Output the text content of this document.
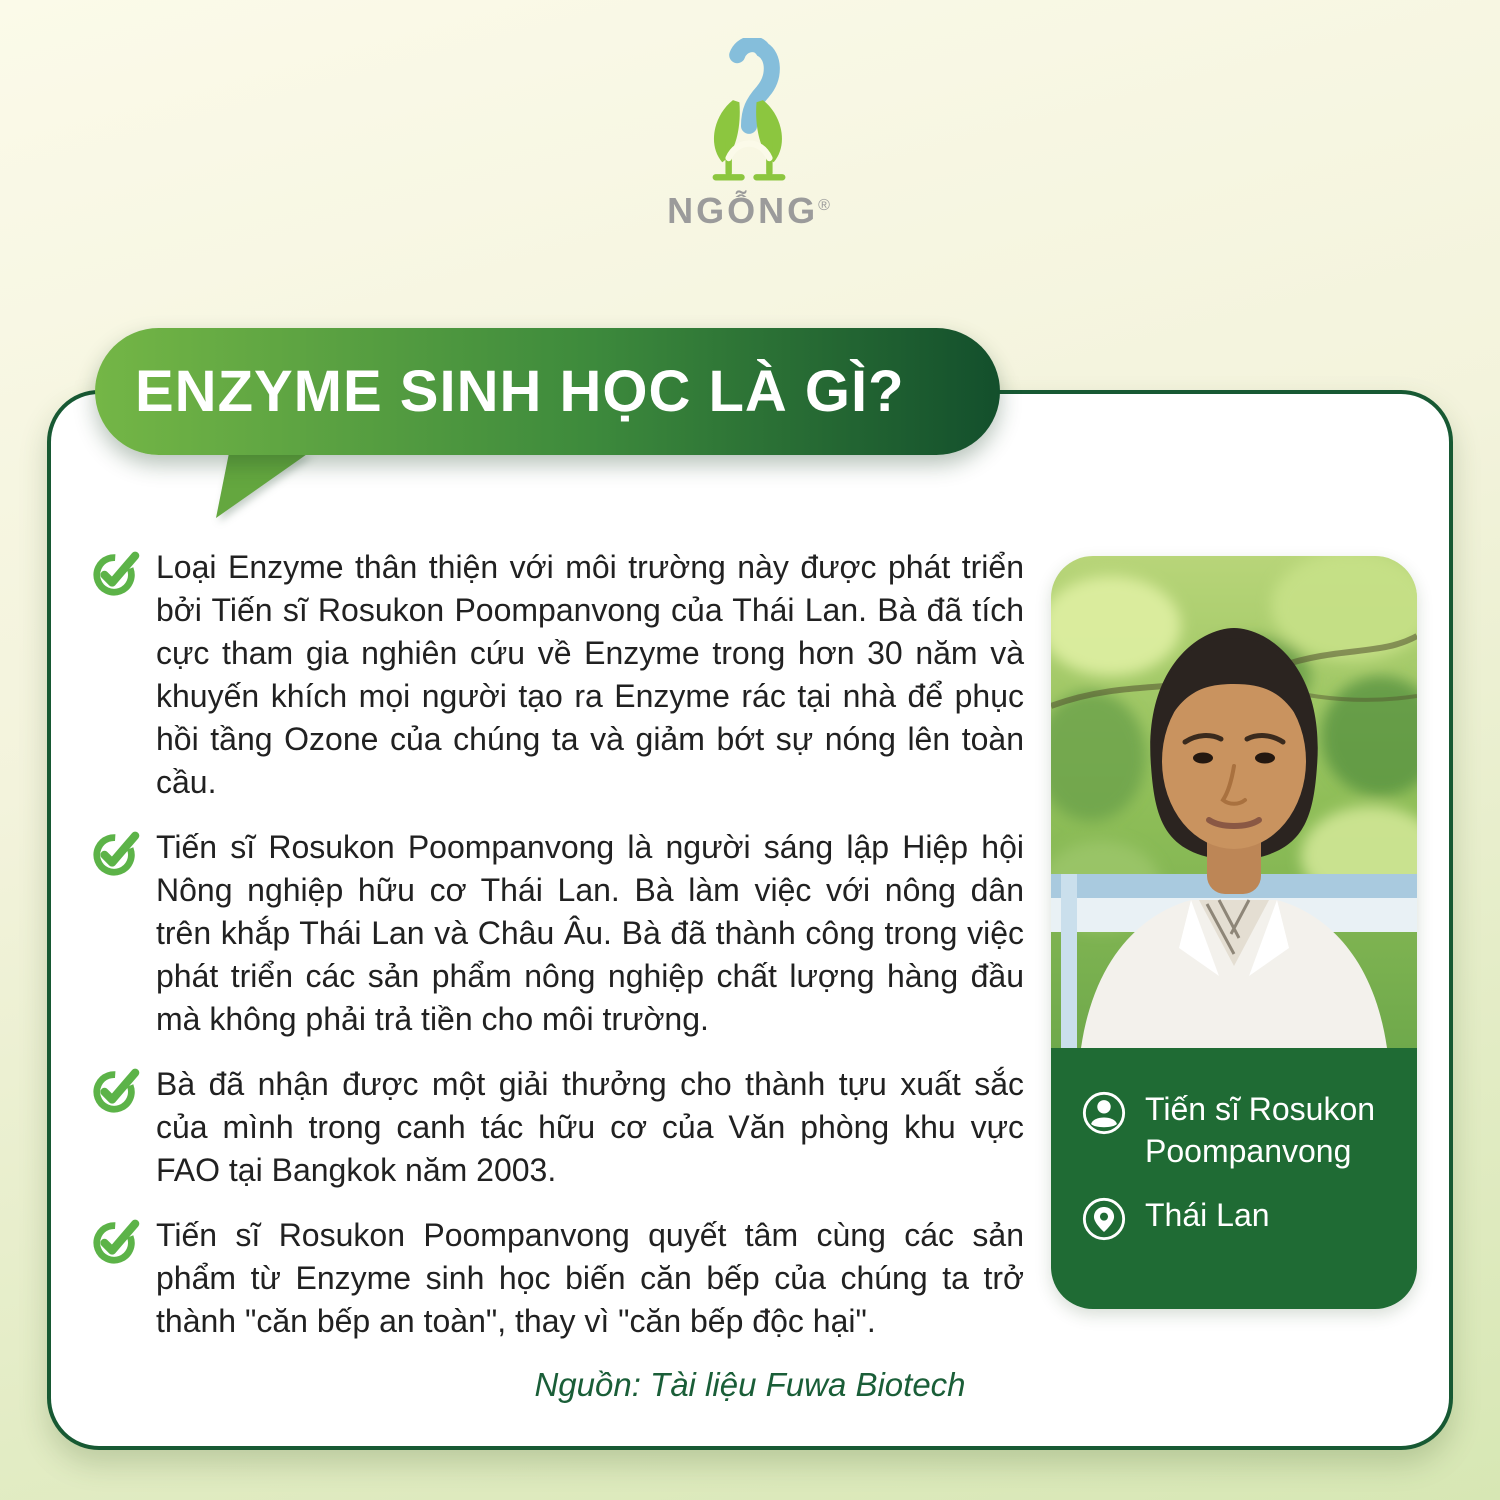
NGỖNG®
ENZYME SINH HỌC LÀ GÌ?
Loại Enzyme thân thiện với môi trường này được phát triển bởi Tiến sĩ Rosukon Poompanvong của Thái Lan. Bà đã tích cực tham gia nghiên cứu về Enzyme trong hơn 30 năm và khuyến khích mọi người tạo ra Enzyme rác tại nhà để phục hồi tầng Ozone của chúng ta và giảm bớt sự nóng lên toàn cầu.
Tiến sĩ Rosukon Poompanvong là người sáng lập Hiệp hội Nông nghiệp hữu cơ Thái Lan. Bà làm việc với nông dân trên khắp Thái Lan và Châu Âu. Bà đã thành công trong việc phát triển các sản phẩm nông nghiệp chất lượng hàng đầu mà không phải trả tiền cho môi trường.
Bà đã nhận được một giải thưởng cho thành tựu xuất sắc của mình trong canh tác hữu cơ của Văn phòng khu vực FAO tại Bangkok năm 2003.
Tiến sĩ Rosukon Poompanvong quyết tâm cùng các sản phẩm từ Enzyme sinh học biến căn bếp của chúng ta trở thành "căn bếp an toàn", thay vì "căn bếp độc hại".
Tiến sĩ Rosukon Poompanvong
Thái Lan
Nguồn: Tài liệu Fuwa Biotech
